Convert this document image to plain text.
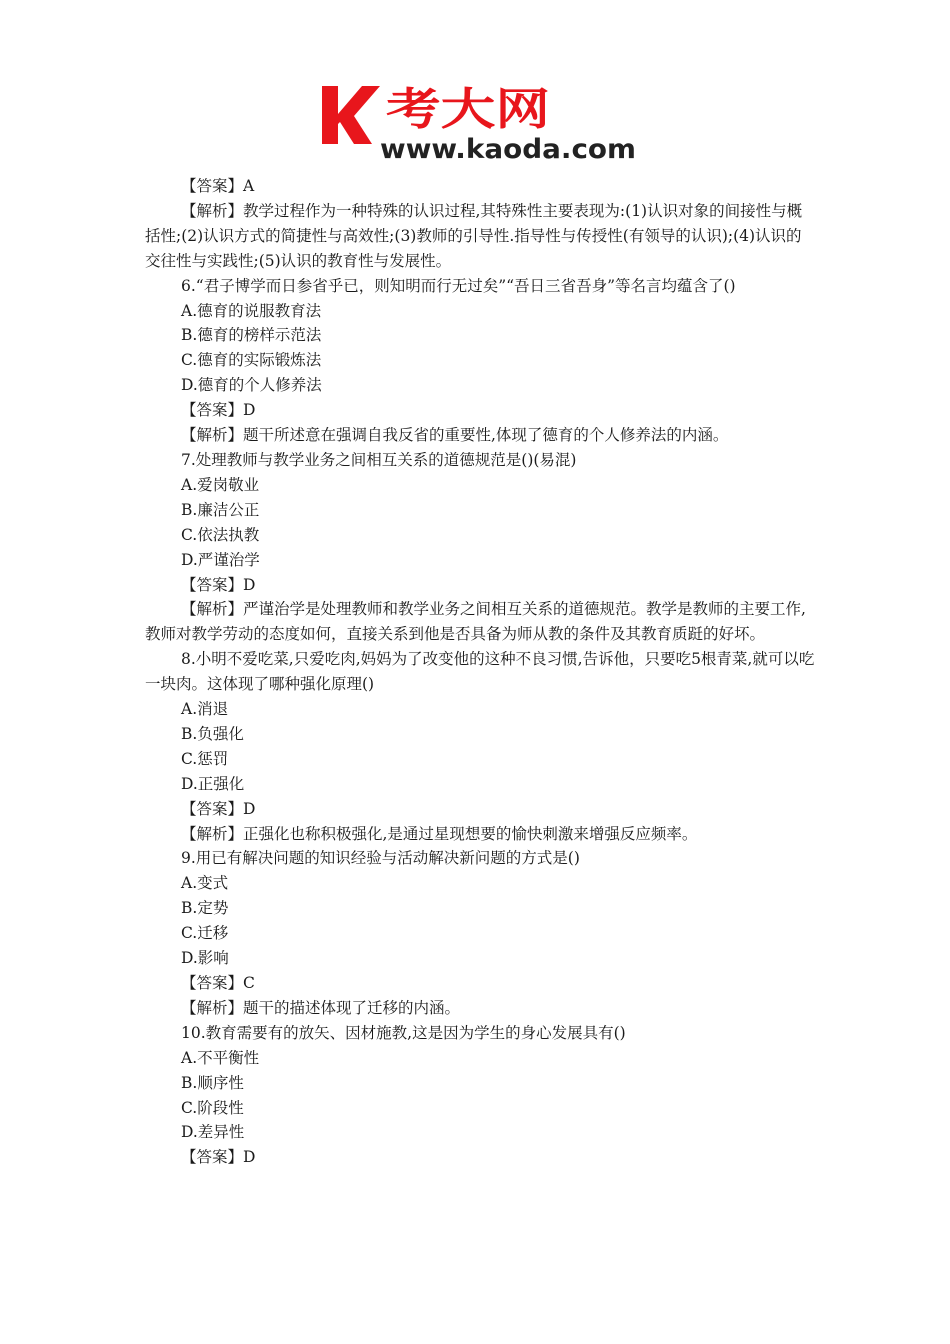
考大网
www.kaoda.com

【答案】A

【解析】教学过程作为一种特殊的认识过程,其特殊性主要表现为:(1)认识对象的间接性与概括性;(2)认识方式的简捷性与高效性;(3)教师的引导性.指导性与传授性(有领导的认识);(4)认识的交往性与实践性;(5)认识的教育性与发展性。

6.“君子博学而日参省乎已，则知明而行无过矣”“吾日三省吾身”等名言均蕴含了()

A.德育的说服教育法

B.德育的榜样示范法

C.德育的实际锻炼法

D.德育的个人修养法

【答案】D

【解析】题干所述意在强调自我反省的重要性,体现了德育的个人修养法的内涵。

7.处理教师与教学业务之间相互关系的道德规范是()(易混)

A.爱岗敬业

B.廉洁公正

C.依法执教

D.严谨治学

【答案】D

【解析】严谨治学是处理教师和教学业务之间相互关系的道德规范。教学是教师的主要工作,教师对教学劳动的态度如何，直接关系到他是否具备为师从教的条件及其教育质跹的好坏。

8.小明不爱吃菜,只爱吃肉,妈妈为了改变他的这种不良习惯,告诉他，只要吃5根青菜,就可以吃一块肉。这体现了哪种强化原理()

A.消退

B.负强化

C.惩罚

D.正强化

【答案】D

【解析】正强化也称积极强化,是通过星现想要的愉快刺激来增强反应频率。

9.用已有解决问题的知识经验与活动解决新问题的方式是()

A.变式

B.定势

C.迁移

D.影响

【答案】C

【解析】题干的描述体现了迁移的内涵。

10.教育需要有的放矢、因材施教,这是因为学生的身心发展具有()

A.不平衡性

B.顺序性

C.阶段性

D.差异性

【答案】D
